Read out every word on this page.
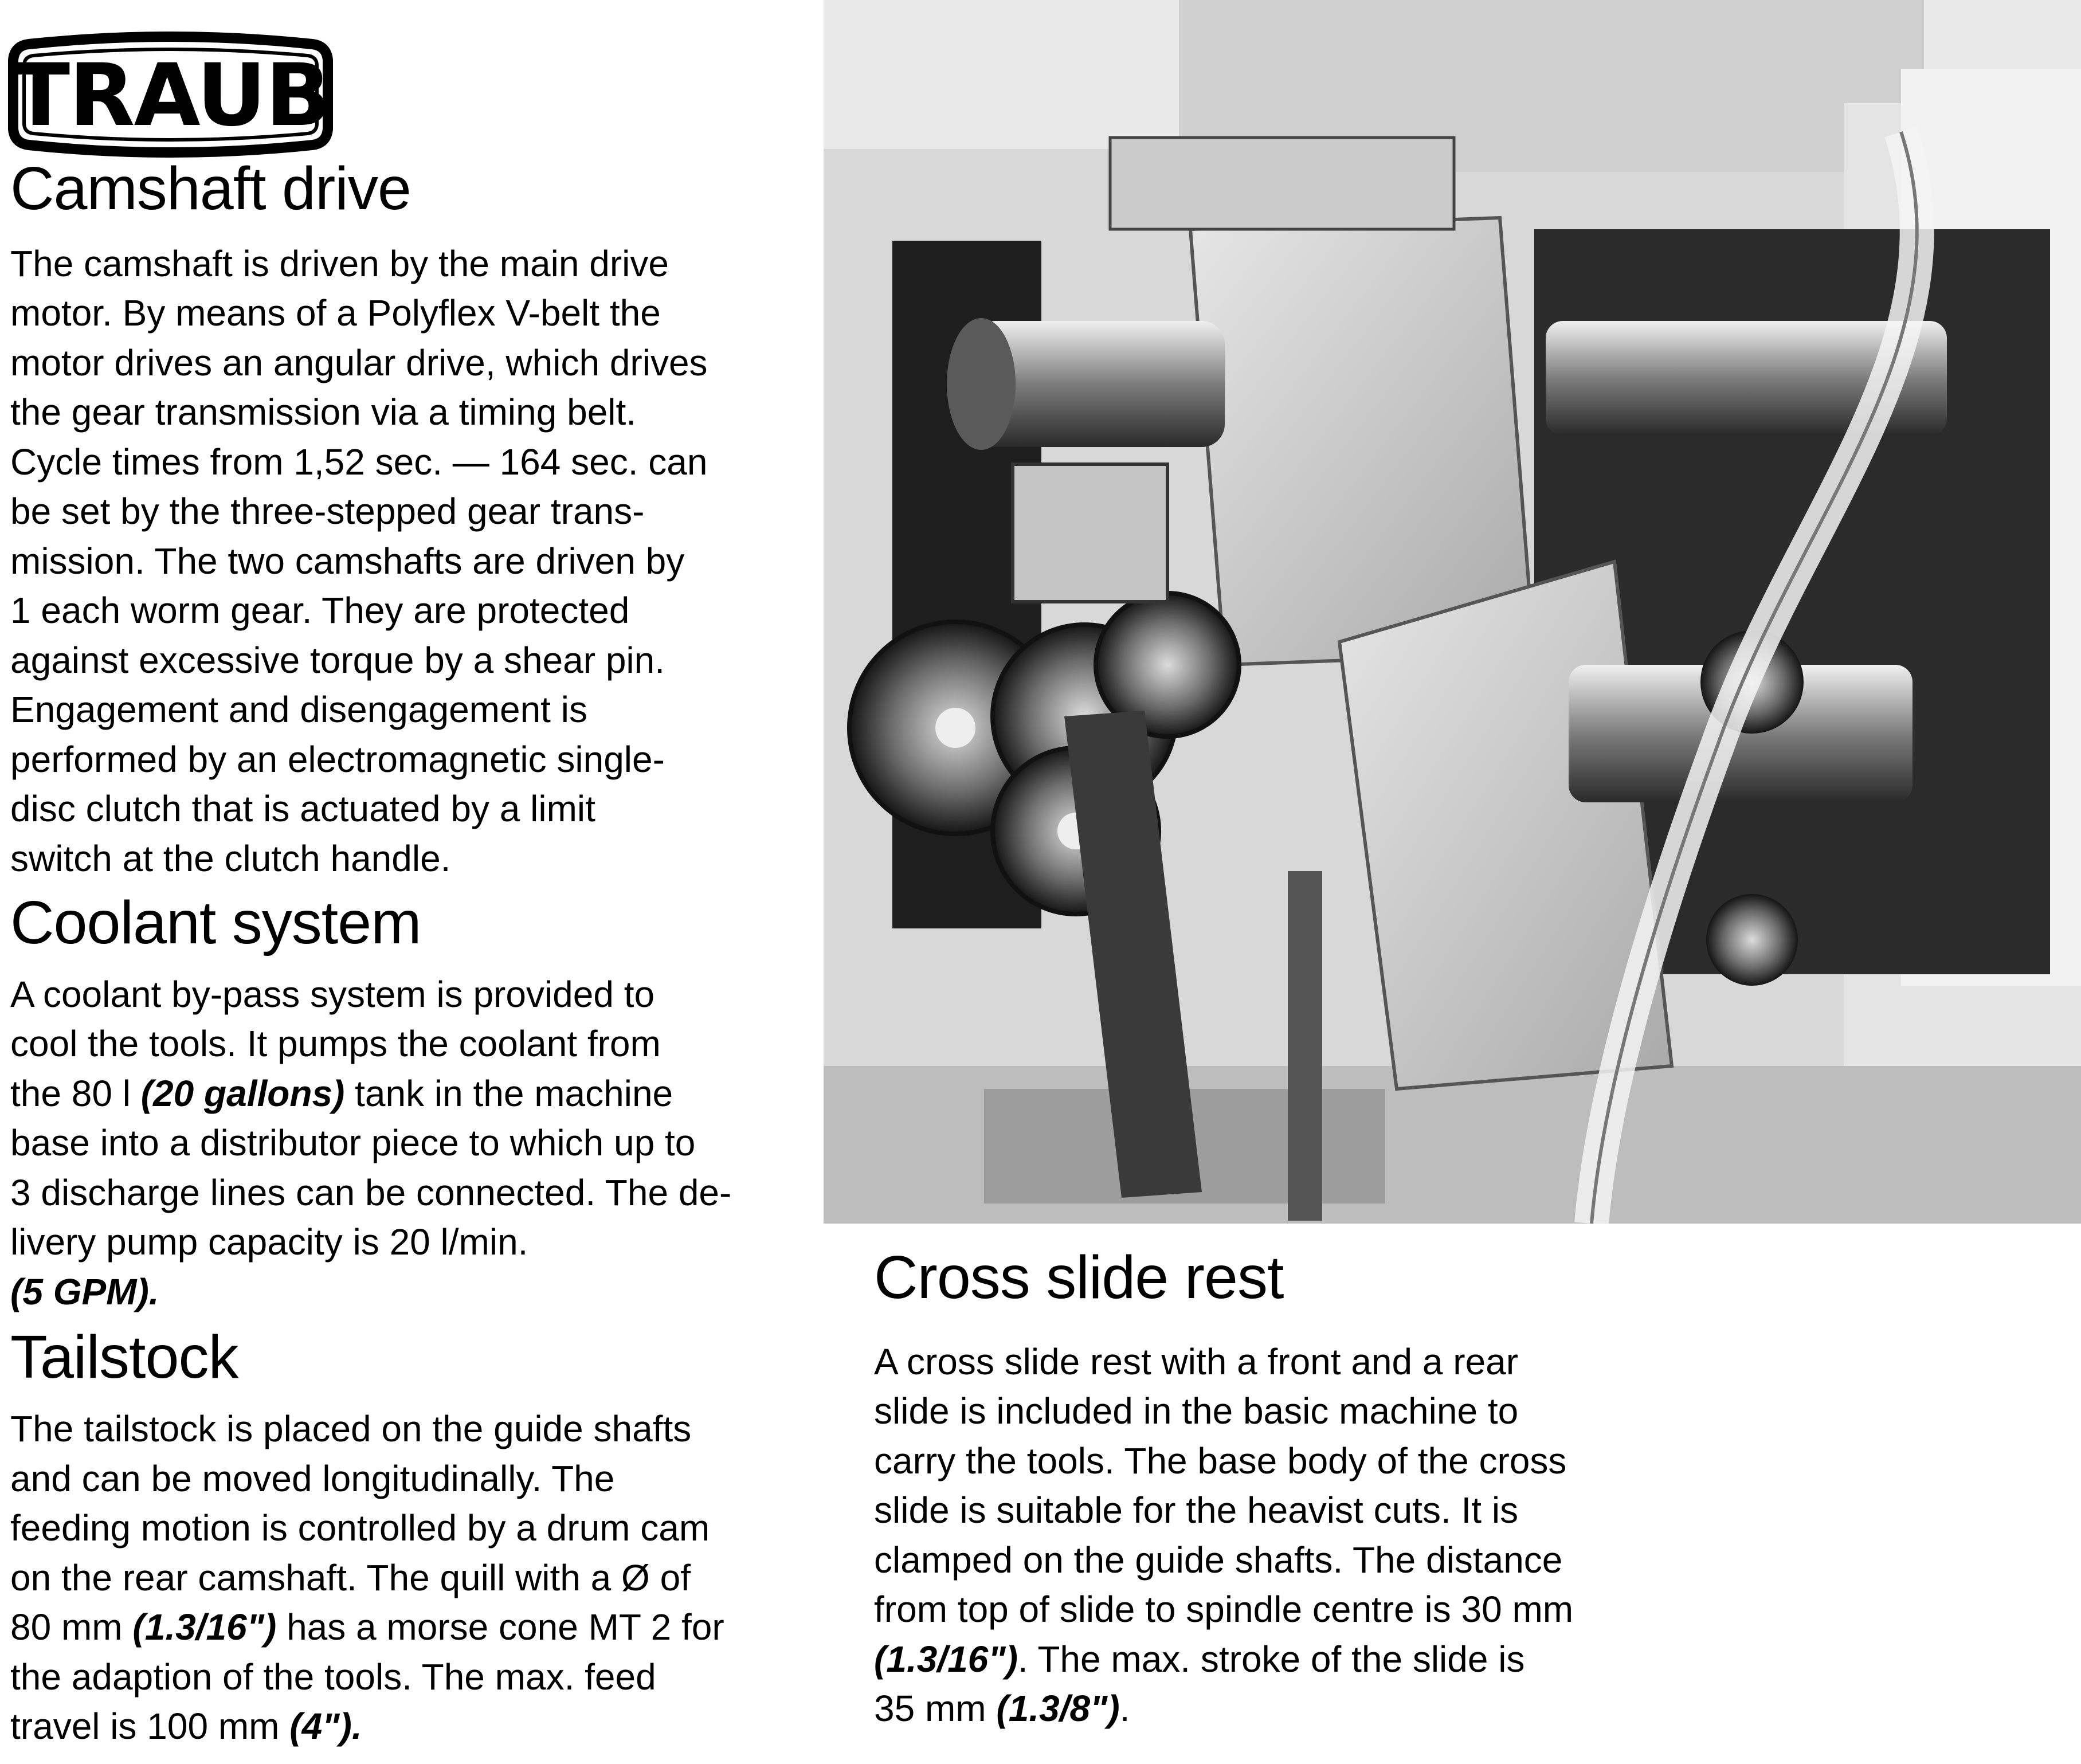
TRAUB
Camshaft drive
The camshaft is driven by the main drive
motor. By means of a Polyflex V-belt the
motor drives an angular drive, which drives
the gear transmission via a timing belt.
Cycle times from 1,52 sec. — 164 sec. can
be set by the three-stepped gear trans-
mission. The two camshafts are driven by
1 each worm gear. They are protected
against excessive torque by a shear pin.
Engagement and disengagement is
performed by an electromagnetic single-
disc clutch that is actuated by a limit
switch at the clutch handle.
Coolant system
A coolant by-pass system is provided to
cool the tools. It pumps the coolant from
the 80 l (20 gallons) tank in the machine
base into a distributor piece to which up to
3 discharge lines can be connected. The de-
livery pump capacity is 20 l/min.
(5 GPM).
Tailstock
The tailstock is placed on the guide shafts
and can be moved longitudinally. The
feeding motion is controlled by a drum cam
on the rear camshaft. The quill with a Ø of
80 mm (1.3/16") has a morse cone MT 2 for
the adaption of the tools. The max. feed
travel is 100 mm (4").
Cross slide rest
A cross slide rest with a front and a rear
slide is included in the basic machine to
carry the tools. The base body of the cross
slide is suitable for the heavist cuts. It is
clamped on the guide shafts. The distance
from top of slide to spindle centre is 30 mm
(1.3/16"). The max. stroke of the slide is
35 mm (1.3/8").
